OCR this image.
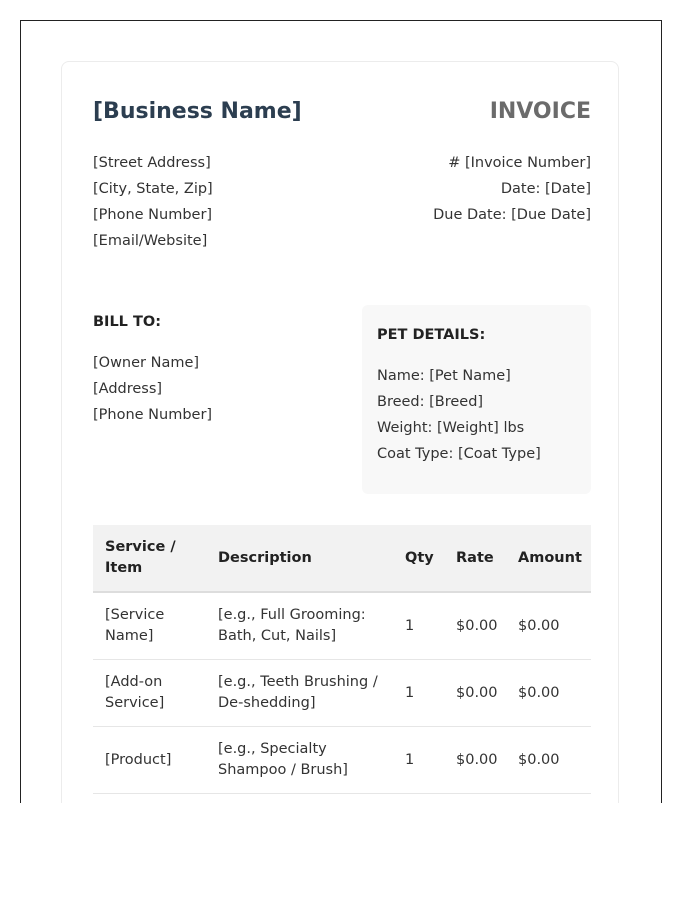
[Business Name]	INVOICE
[Street Address]
[City, State, Zip]
[Phone Number]
[Email/Website]
# [Invoice Number]
Date: [Date]
Due Date: [Due Date]
BILL TO:
[Owner Name]
[Address]
[Phone Number]
PET DETAILS:
Name: [Pet Name]
Breed: [Breed]
Weight: [Weight] lbs
Coat Type: [Coat Type]
Service / Item	Description	Qty	Rate	Amount
[Service Name]	[e.g., Full Grooming: Bath, Cut, Nails]	1	$0.00	$0.00
[Add-on Service]	[e.g., Teeth Brushing / De-shedding]	1	$0.00	$0.00
[Product]	[e.g., Specialty Shampoo / Brush]	1	$0.00	$0.00
